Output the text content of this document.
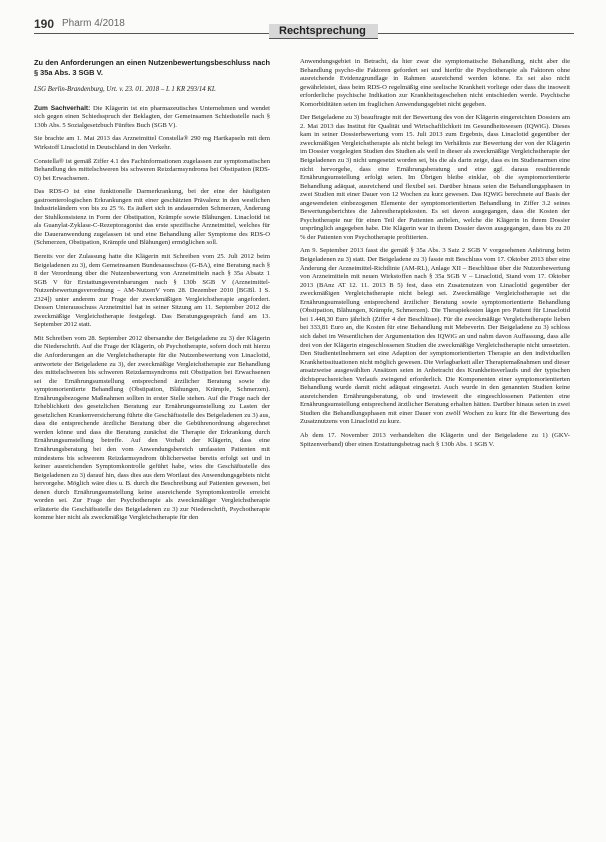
190 Pharm 4/2018
Rechtsprechung

Zu den Anforderungen an einen Nutzenbewertungsbeschluss nach § 35a Abs. 3 SGB V.

LSG Berlin-Brandenburg, Urt. v. 23. 01. 2018 – L 1 KR 293/14 KL

Zum Sachverhalt: Die Klägerin ist ein pharmazeutisches Unternehmen und wendet sich gegen einen Schiedsspruch der Beklagten, der Gemeinsamen Schiedsstelle nach § 130b Abs. 5 Sozialgesetzbuch Fünftes Buch (SGB V).

Sie brachte am 1. Mai 2013 das Arzneimittel Constella® 290 mg Hartkapseln mit dem Wirkstoff Linaclotid in Deutschland in den Verkehr.

Constella® ist gemäß Ziffer 4.1 des Fachinformationen zugelassen zur symptomatischen Behandlung des mittelschweren bis schweren Reizdarmsyndroms bei Obstipation (RDS-O) bei Erwachsenen.

Das RDS-O ist eine funktionelle Darmerkrankung, bei der eine der häufigsten gastroenterologischen Erkrankungen mit einer geschätzten Prävalenz in den westlichen Industrieländern von bis zu 25 %. Es äußert sich in andauernden Schmerzen, Änderung der Stuhlkonsistenz in Form der Obstipation, Krämpfe sowie Blähungen. Linaclotid ist als Guanylat-Zyklase-C-Rezeptoragonist das erste spezifische Arzneimittel, welches für die Daueranwendung zugelassen ist und eine Behandlung aller Symptome des RDS-O (Schmerzen, Obstipation, Krämpfe und Blähungen) ermöglichen soll.

Bereits vor der Zulassung hatte die Klägerin mit Schreiben vom 25. Juli 2012 beim Beigeladenen zu 3), dem Gemeinsamen Bundesausschuss (G-BA), eine Beratung nach § 8 der Verordnung über die Nutzenbewertung von Arzneimitteln nach § 35a Absatz 1 SGB V für Erstattungsvereinbarungen nach § 130b SGB V (Arzneimittel-Nutzenbewertungsverordnung – AM-NutzenV vom 28. Dezember 2010 [BGBl. I S. 2324]) unter anderem zur Frage der zweckmäßigen Vergleichstherapie angefordert. Dessen Unterausschuss Arzneimittel hat in seiner Sitzung am 11. September 2012 die zweckmäßige Vergleichstherapie festgelegt. Das Beratungsgespräch fand am 13. September 2012 statt.

Mit Schreiben vom 28. September 2012 übersandte der Beigeladene zu 3) der Klägerin die Niederschrift. Auf die Frage der Klägerin, ob Psychotherapie, sofern doch mit hierzu die Anforderungen an die Vergleichstherapie für die Nutzenbewertung von Linaclotid, antwortete der Beigeladene zu 3), der zweckmäßige Vergleichstherapie zur Behandlung des mittelschweren bis schweren Reizdarmsyndroms mit Obstipation bei Erwachsenen sei die Ernährungsumstellung entsprechend ärztlicher Beratung sowie die symptomorientierte Behandlung (Obstipation, Blähungen, Krämpfe, Schmerzen). Ernährungsbezogene Maßnahmen sollten in erster Stelle stehen. Auf die Frage nach der Erheblichkeit des gesetzlichen Beratung zur Ernährungsumstellung zu Lasten der gesetzlichen Krankenversicherung führte die Geschäftsstelle des Beigeladenen zu 3) aus, dass die entsprechende ärztliche Beratung über die Gebührenordnung abgerechnet werden könne und dass die Beratung zunächst die Therapie der Erkrankung durch Ernährungsumstellung betreffe. Auf den Vorhalt der Klägerin, dass eine Ernährungsberatung bei den vom Anwendungsbereich umfassten Patienten mit mindestens bis schwerem Reizdarmsyndrom üblicherweise bereits erfolgt sei und in keiner ausreichenden Symptomkontrolle geführt habe, wies die Geschäftsstelle des Beigeladenen zu 3) darauf hin, dass dies aus dem Wortlaut des Anwendungsgebiets nicht hervorgehe. Möglich wäre dies u. B. durch die Beschreibung auf Patienten gewesen, bei denen durch Ernährungsumstellung keine ausreichende Symptomkontrolle erreicht worden sei. Zur Frage der Psychotherapie als zweckmäßiger Vergleichstherapie erläuterte die Geschäftsstelle des Beigeladenen zu 3) zur Niederschrift, Psychotherapie komme hier nicht als zweckmäßige Vergleichstherapie für den

Anwendungsgebiet in Betracht, da hier zwar die symptomatische Behandlung, nicht aber die Behandlung psycho-die Faktoren gefordert sei und hierfür die Psychotherapie als Faktoren ohne ausreichende Evidenzgrundlage in Rahmen ausreichend werden könne. Es sei also nicht gewährleistet, dass beim RDS-O regelmäßig eine seelische Krankheit vorliege oder dass die insoweit erforderliche psychische Indikation zur Krankheitsgeschehen nicht entschieden werde. Psychische Komorbiditäten seien im fraglichen Anwendungsgebiet nicht gegeben.

Der Beigeladene zu 3) beauftragte mit der Bewertung des von der Klägerin eingereichten Dossiers am 2. Mai 2013 das Institut für Qualität und Wirtschaftlichkeit im Gesundheitswesen (IQWiG). Dieses kam in seiner Dossierbewertung vom 15. Juli 2013 zum Ergebnis, dass Linaclotid gegenüber der zweckmäßigen Vergleichstherapie als nicht belegt im Verhältnis zur Bewertung der von der Klägerin im Dossier vorgelegten Studien des Studien als weil in dieser als zweckmäßige Vergleichstherapie der Beigeladenen zu 3) nicht umgesetzt worden sei, bis die als darin zeige, dass es im Studienarmen eine nicht hervorgehe, dass eine Ernährungsberatung und eine ggf. daraus resultierende Ernährungsumstellung erfolgt seien. Im Übrigen bleibe einklar, ob die symptomorientierte Behandlung adäquat, ausreichend und flexibel sei. Darüber hinaus seien die Behandlungsphasen in zwei Studien mit einer Dauer von 12 Wochen zu kurz gewesen. Das IQWiG berechnete auf Basis der angewendeten einbezogenen Elemente der symptomorientierten Behandlung in Ziffer 3.2 seines Bewertungsberichtes die Jahrestherapiekosten. Es sei davon ausgegangen, dass die Kosten der Psychotherapie nur für einen Teil der Patienten anfielen, welche die Klägerin in ihrem Dossier ursprünglich angegeben habe. Die Klägerin war in ihrem Dossier davon ausgegangen, dass bis zu 20 % der Patienten von Psychotherapie profitierten.

Am 9. September 2013 fasst die gemäß § 35a Abs. 3 Satz 2 SGB V vorgesehenen Anhörung beim Beigeladenen zu 3) statt. Der Beigeladene zu 3) fasste mit Beschluss vom 17. Oktober 2013 über eine Änderung der Arzneimittel-Richtlinie (AM-RL), Anlage XII – Beschlüsse über die Nutzenbewertung von Arzneimitteln mit neuen Wirkstoffen nach § 35a SGB V – Linaclotid, Stand vom 17. Oktober 2013 (BAnz AT 12. 11. 2013 B 5) fest, dass ein Zusatznutzen von Linaclotid gegenüber der zweckmäßigen Vergleichstherapie nicht belegt sei. Zweckmäßige Vergleichstherapie sei die Ernährungsumstellung entsprechend ärztlicher Beratung sowie symptomorientierte Behandlung (Obstipation, Blähungen, Krämpfe, Schmerzen). Die Therapiekosten lägen pro Patient für Linaclotid bei 1.448,30 Euro jährlich (Ziffer 4 der Beschlüsse). Für die zweckmäßige Vergleichstherapie lieben bei 333,81 Euro an, die Kosten für eine Behandlung mit Mebeverin. Der Beigeladene zu 3) schloss sich dabei im Wesentlichen der Argumentation des IQWiG an und nahm davon Auffassung, dass alle drei von der Klägerin eingeschlossenen Studien die zweckmäßige Vergleichstherapie nicht umsetzten. Den Studienteilnehmern sei eine Adaption der symptomorientierten Therapie an den individuellen Krankheitssituationen nicht möglich gewesen. Die Verlagbarkeit aller Therapiemaßnahmen und dieser ansatzweise ausgewählten Ansätzen seien in Anbetracht des Krankheitsverlaufs und der typischen dichtspruchsreichen Verlaufs zwingend erforderlich. Die Komponenten einer symptomorientierten Behandlung wurde damit nicht adäquat eingesetzt. Auch wurde in den genannten Studien keine ausreichenden Ernährungsberatung, ob und inwieweit die eingeschlossenen Patienten eine Ernährungsumstellung entsprechend ärztlicher Beratung erhalten hätten. Darüber hinaus seien in zwei Studien die Behandlungsphasen mit einer Dauer von zwölf Wochen zu kurz für die Bewertung des Zusatznutzens von Linaclotid zu kurz.

Ab dem 17. November 2013 verhandelten die Klägerin und der Beigeladene zu 1) (GKV-Spitzenverband) über einen Erstattungsbetrag nach § 130b Abs. 1 SGB V.
